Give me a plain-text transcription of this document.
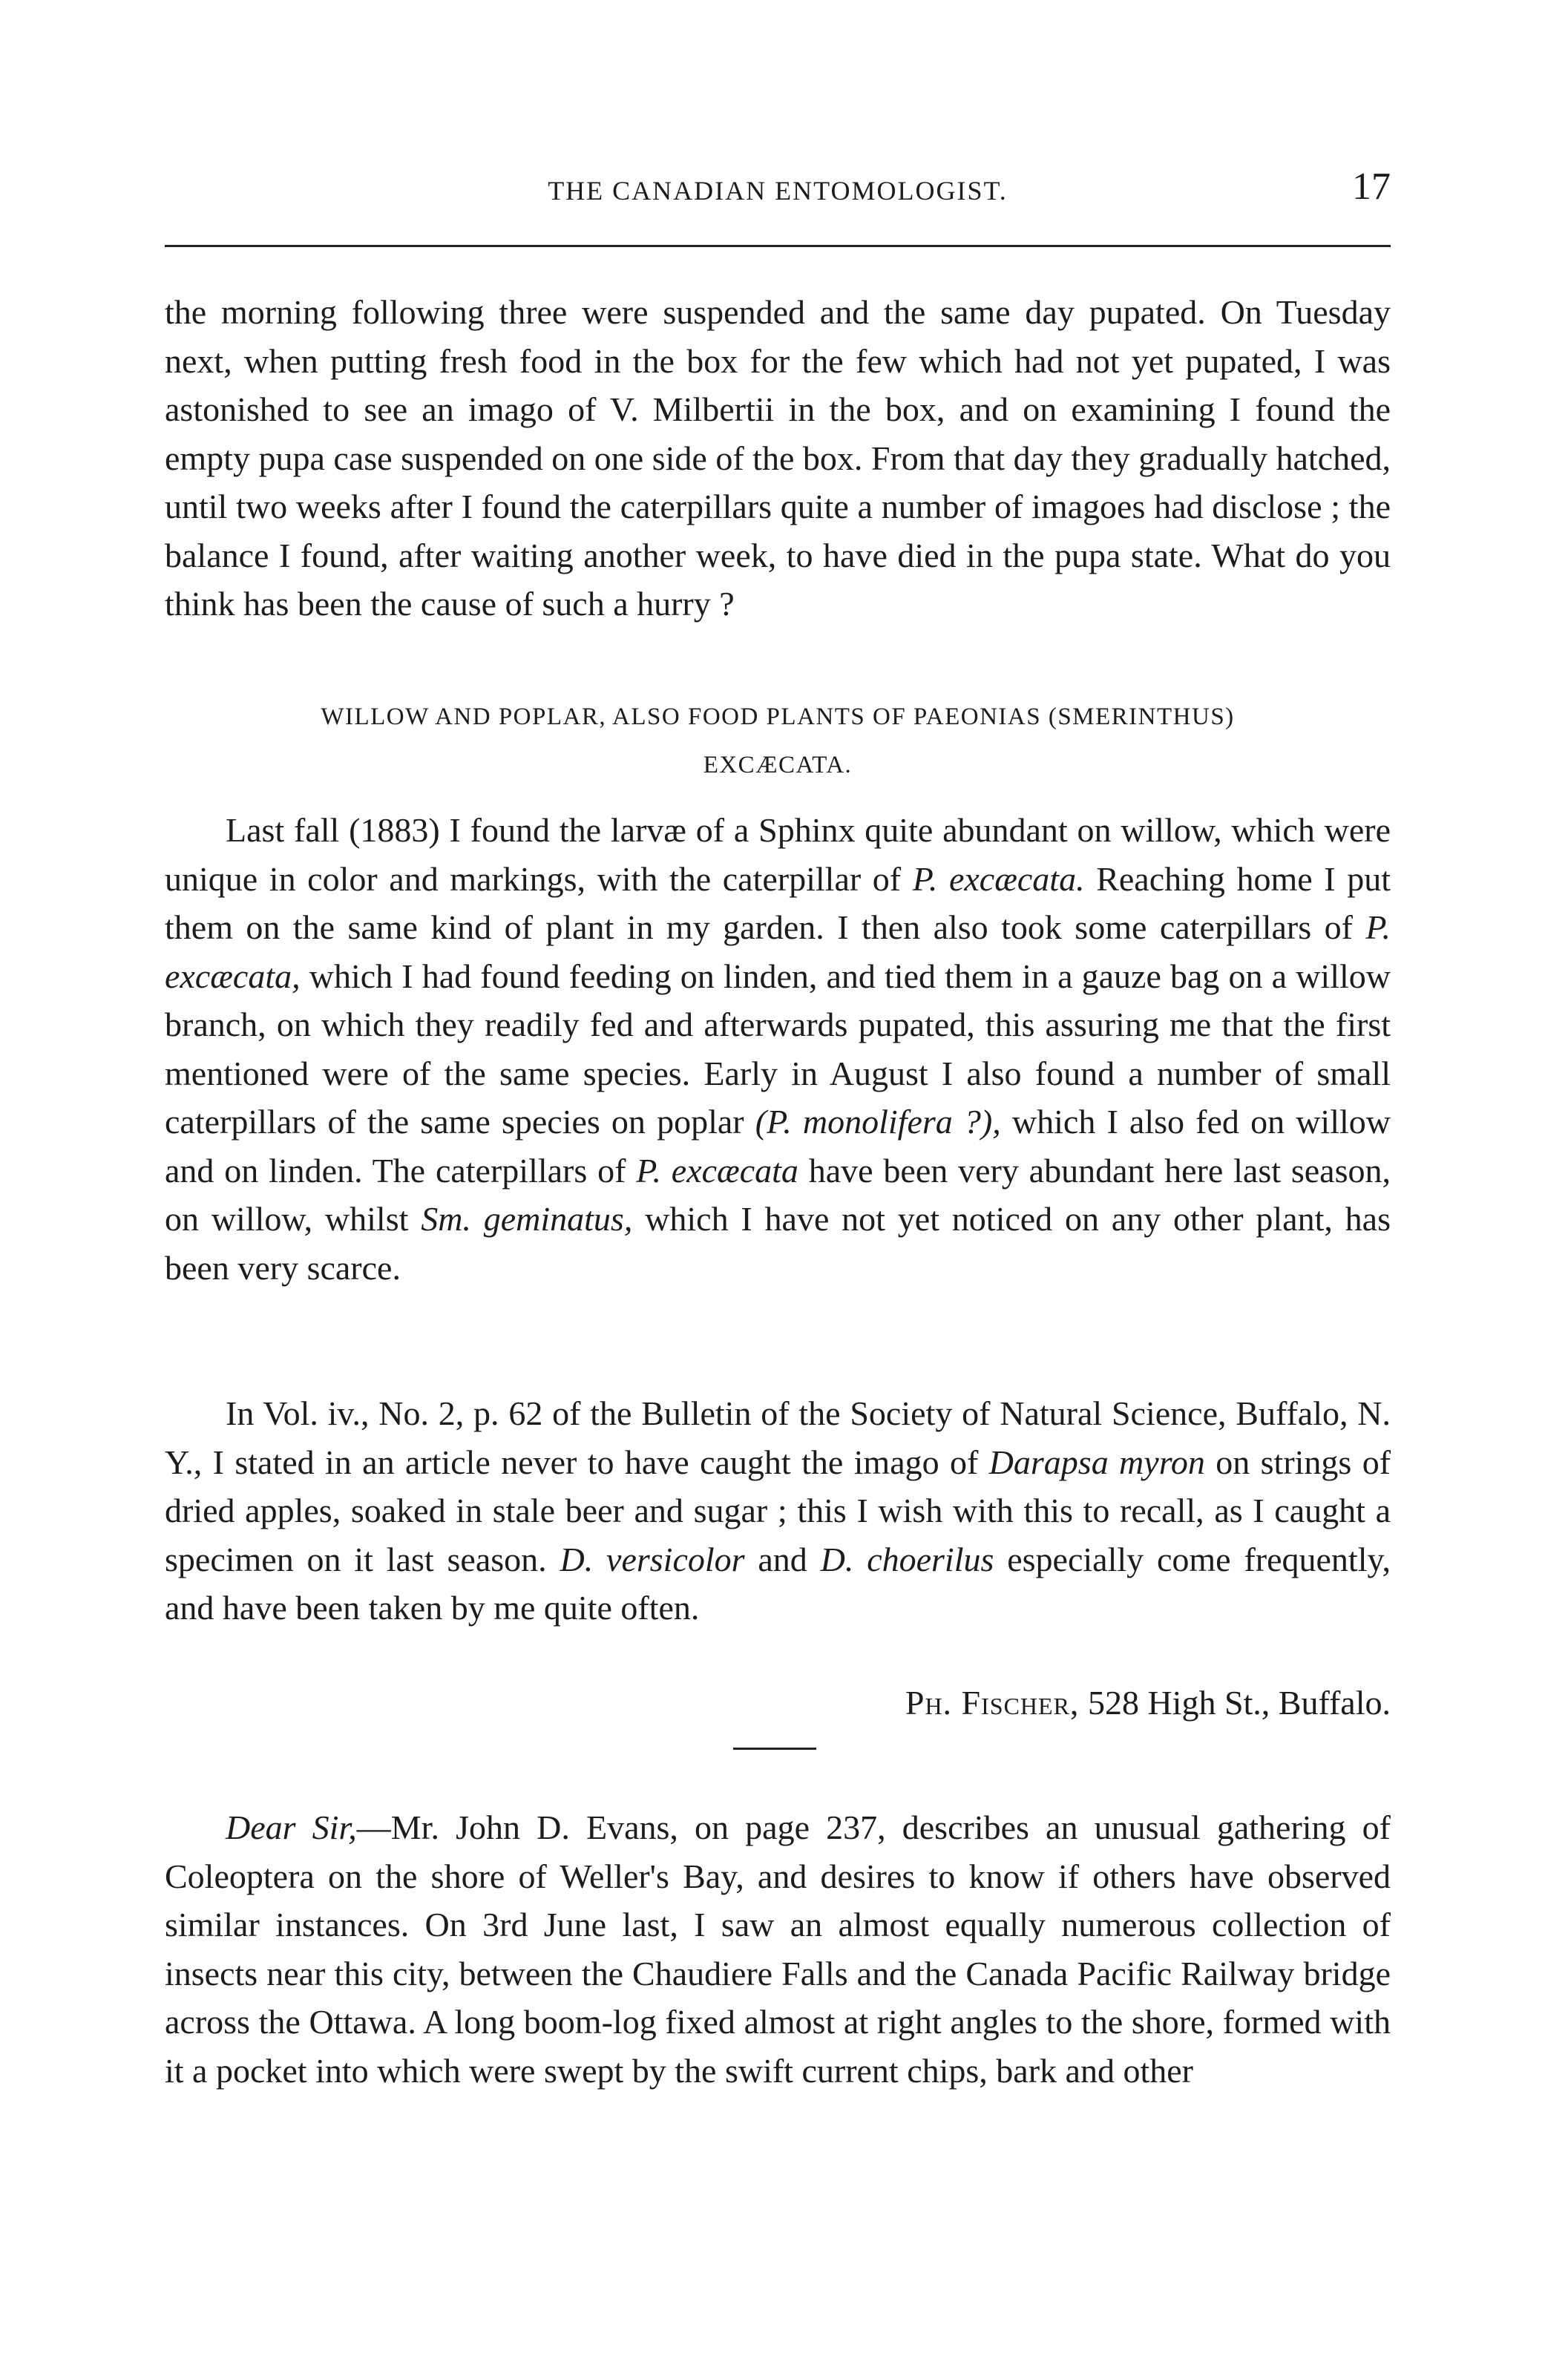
THE CANADIAN ENTOMOLOGIST.	17

the morning following three were suspended and the same day pupated. On Tuesday next, when putting fresh food in the box for the few which had not yet pupated, I was astonished to see an imago of V. Milbertii in the box, and on examining I found the empty pupa case suspended on one side of the box. From that day they gradually hatched, until two weeks after I found the caterpillars quite a number of imagoes had disclose ; the balance I found, after waiting another week, to have died in the pupa state. What do you think has been the cause of such a hurry ?

WILLOW AND POPLAR, ALSO FOOD PLANTS OF PAEONIAS (SMERINTHUS)
EXCÆCATA.

Last fall (1883) I found the larvæ of a Sphinx quite abundant on willow, which were unique in color and markings, with the caterpillar of P. excæcata. Reaching home I put them on the same kind of plant in my garden. I then also took some caterpillars of P. excæcata, which I had found feeding on linden, and tied them in a gauze bag on a willow branch, on which they readily fed and afterwards pupated, this assuring me that the first mentioned were of the same species. Early in August I also found a number of small caterpillars of the same species on poplar (P. monolifera ?), which I also fed on willow and on linden. The caterpillars of P. excæcata have been very abundant here last season, on willow, whilst Sm. geminatus, which I have not yet noticed on any other plant, has been very scarce.

In Vol. iv., No. 2, p. 62 of the Bulletin of the Society of Natural Science, Buffalo, N. Y., I stated in an article never to have caught the imago of Darapsa myron on strings of dried apples, soaked in stale beer and sugar ; this I wish with this to recall, as I caught a specimen on it last season. D. versicolor and D. choerilus especially come frequently, and have been taken by me quite often.

Ph. Fischer, 528 High St., Buffalo.

Dear Sir,—Mr. John D. Evans, on page 237, describes an unusual gathering of Coleoptera on the shore of Weller's Bay, and desires to know if others have observed similar instances. On 3rd June last, I saw an almost equally numerous collection of insects near this city, between the Chaudiere Falls and the Canada Pacific Railway bridge across the Ottawa. A long boom-log fixed almost at right angles to the shore, formed with it a pocket into which were swept by the swift current chips, bark and other
